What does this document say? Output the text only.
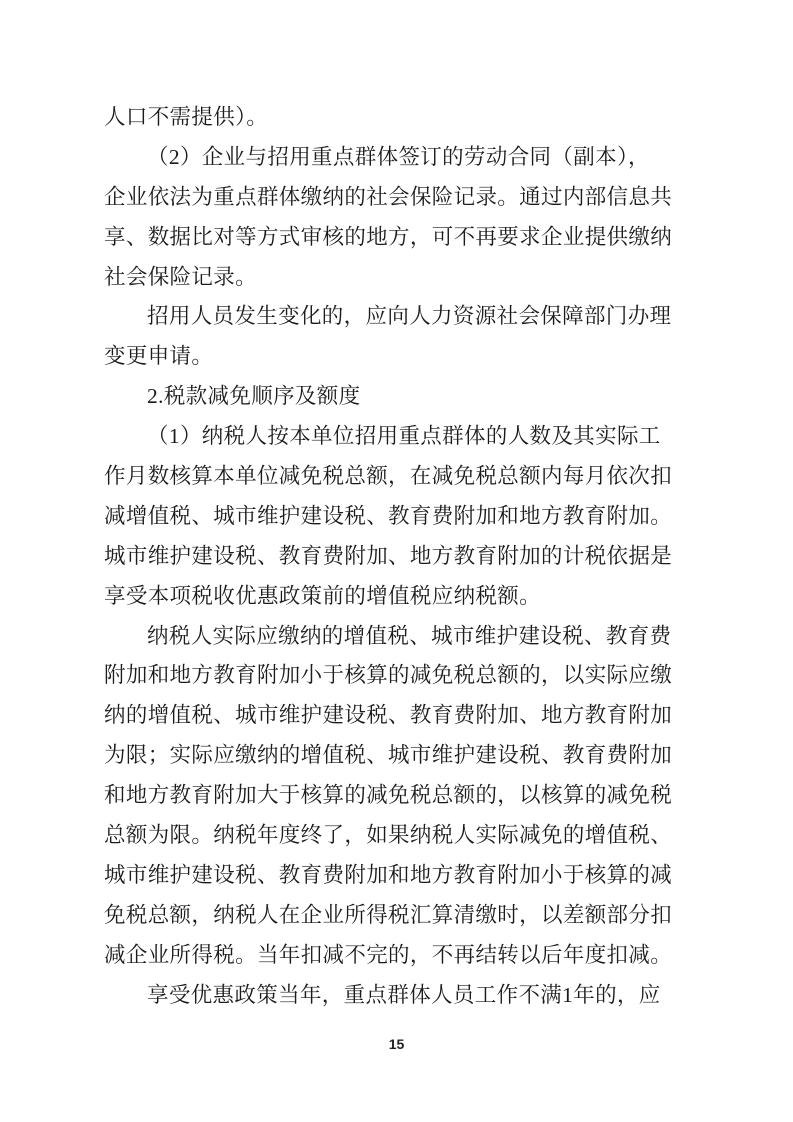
人口不需提供）。
（2）企业与招用重点群体签订的劳动合同（副本），
企业依法为重点群体缴纳的社会保险记录。通过内部信息共
享、数据比对等方式审核的地方，可不再要求企业提供缴纳
社会保险记录。
招用人员发生变化的，应向人力资源社会保障部门办理
变更申请。
2.税款减免顺序及额度
（1）纳税人按本单位招用重点群体的人数及其实际工
作月数核算本单位减免税总额，在减免税总额内每月依次扣
减增值税、城市维护建设税、教育费附加和地方教育附加。
城市维护建设税、教育费附加、地方教育附加的计税依据是
享受本项税收优惠政策前的增值税应纳税额。
纳税人实际应缴纳的增值税、城市维护建设税、教育费
附加和地方教育附加小于核算的减免税总额的，以实际应缴
纳的增值税、城市维护建设税、教育费附加、地方教育附加
为限；实际应缴纳的增值税、城市维护建设税、教育费附加
和地方教育附加大于核算的减免税总额的，以核算的减免税
总额为限。纳税年度终了，如果纳税人实际减免的增值税、
城市维护建设税、教育费附加和地方教育附加小于核算的减
免税总额，纳税人在企业所得税汇算清缴时，以差额部分扣
减企业所得税。当年扣减不完的，不再结转以后年度扣减。
享受优惠政策当年，重点群体人员工作不满1年的，应
15
